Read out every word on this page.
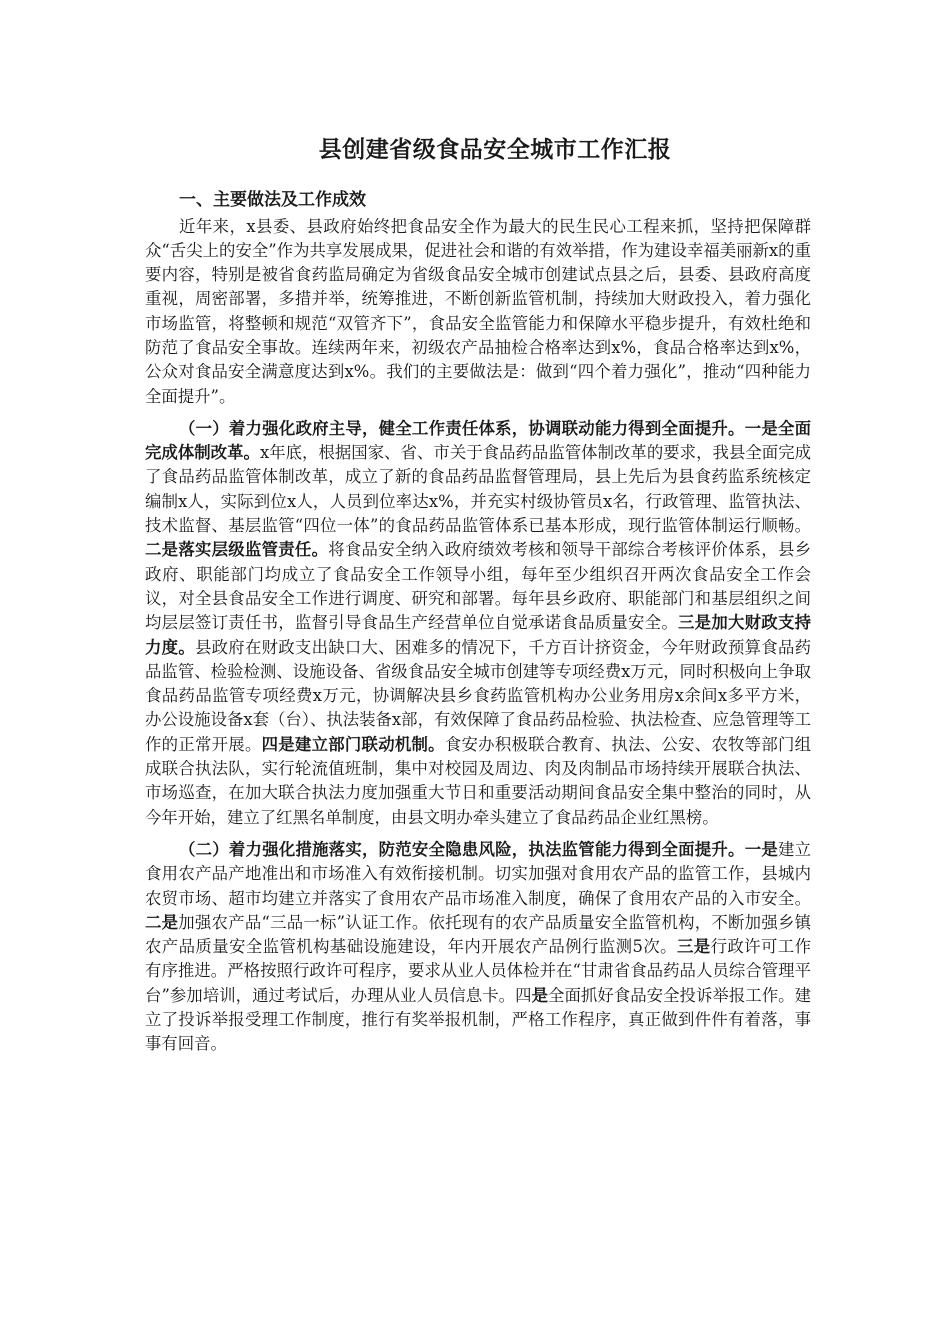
县创建省级食品安全城市工作汇报
一、主要做法及工作成效

近年来，x县委、县政府始终把食品安全作为最大的民生民心工程来抓，坚持把保障群众“舌尖上的安全”作为共享发展成果，促进社会和谐的有效举措，作为建设幸福美丽新x的重要内容，特别是被省食药监局确定为省级食品安全城市创建试点县之后，县委、县政府高度重视，周密部署，多措并举，统筹推进，不断创新监管机制，持续加大财政投入，着力强化市场监管，将整顿和规范“双管齐下”，食品安全监管能力和保障水平稳步提升，有效杜绝和防范了食品安全事故。连续两年来，初级农产品抽检合格率达到x%，食品合格率达到x%，公众对食品安全满意度达到x%。我们的主要做法是：做到“四个着力强化”，推动“四种能力全面提升”。

（一）着力强化政府主导，健全工作责任体系，协调联动能力得到全面提升。一是全面完成体制改革。x年底，根据国家、省、市关于食品药品监管体制改革的要求，我县全面完成了食品药品监管体制改革，成立了新的食品药品监督管理局，县上先后为县食药监系统核定编制x人，实际到位x人，人员到位率达x%，并充实村级协管员x名，行政管理、监管执法、技术监督、基层监管“四位一体”的食品药品监管体系已基本形成，现行监管体制运行顺畅。二是落实层级监管责任。将食品安全纳入政府绩效考核和领导干部综合考核评价体系，县乡政府、职能部门均成立了食品安全工作领导小组，每年至少组织召开两次食品安全工作会议，对全县食品安全工作进行调度、研究和部署。每年县乡政府、职能部门和基层组织之间均层层签订责任书，监督引导食品生产经营单位自觉承诺食品质量安全。三是加大财政支持力度。县政府在财政支出缺口大、困难多的情况下，千方百计挤资金，今年财政预算食品药品监管、检验检测、设施设备、省级食品安全城市创建等专项经费x万元，同时积极向上争取食品药品监管专项经费x万元，协调解决县乡食药监管机构办公业务用房x余间x多平方米，办公设施设备x套（台）、执法装备x部，有效保障了食品药品检验、执法检查、应急管理等工作的正常开展。四是建立部门联动机制。食安办积极联合教育、执法、公安、农牧等部门组成联合执法队，实行轮流值班制，集中对校园及周边、肉及肉制品市场持续开展联合执法、市场巡查，在加大联合执法力度加强重大节日和重要活动期间食品安全集中整治的同时，从今年开始，建立了红黑名单制度，由县文明办牵头建立了食品药品企业红黑榜。

（二）着力强化措施落实，防范安全隐患风险，执法监管能力得到全面提升。一是建立食用农产品产地准出和市场准入有效衔接机制。切实加强对食用农产品的监管工作，县城内农贸市场、超市均建立并落实了食用农产品市场准入制度，确保了食用农产品的入市安全。二是加强农产品“三品一标”认证工作。依托现有的农产品质量安全监管机构，不断加强乡镇农产品质量安全监管机构基础设施建设，年内开展农产品例行监测5次。三是行政许可工作有序推进。严格按照行政许可程序，要求从业人员体检并在“甘肃省食品药品人员综合管理平台”参加培训，通过考试后，办理从业人员信息卡。四是全面抓好食品安全投诉举报工作。建立了投诉举报受理工作制度，推行有奖举报机制，严格工作程序，真正做到件件有着落，事事有回音。
